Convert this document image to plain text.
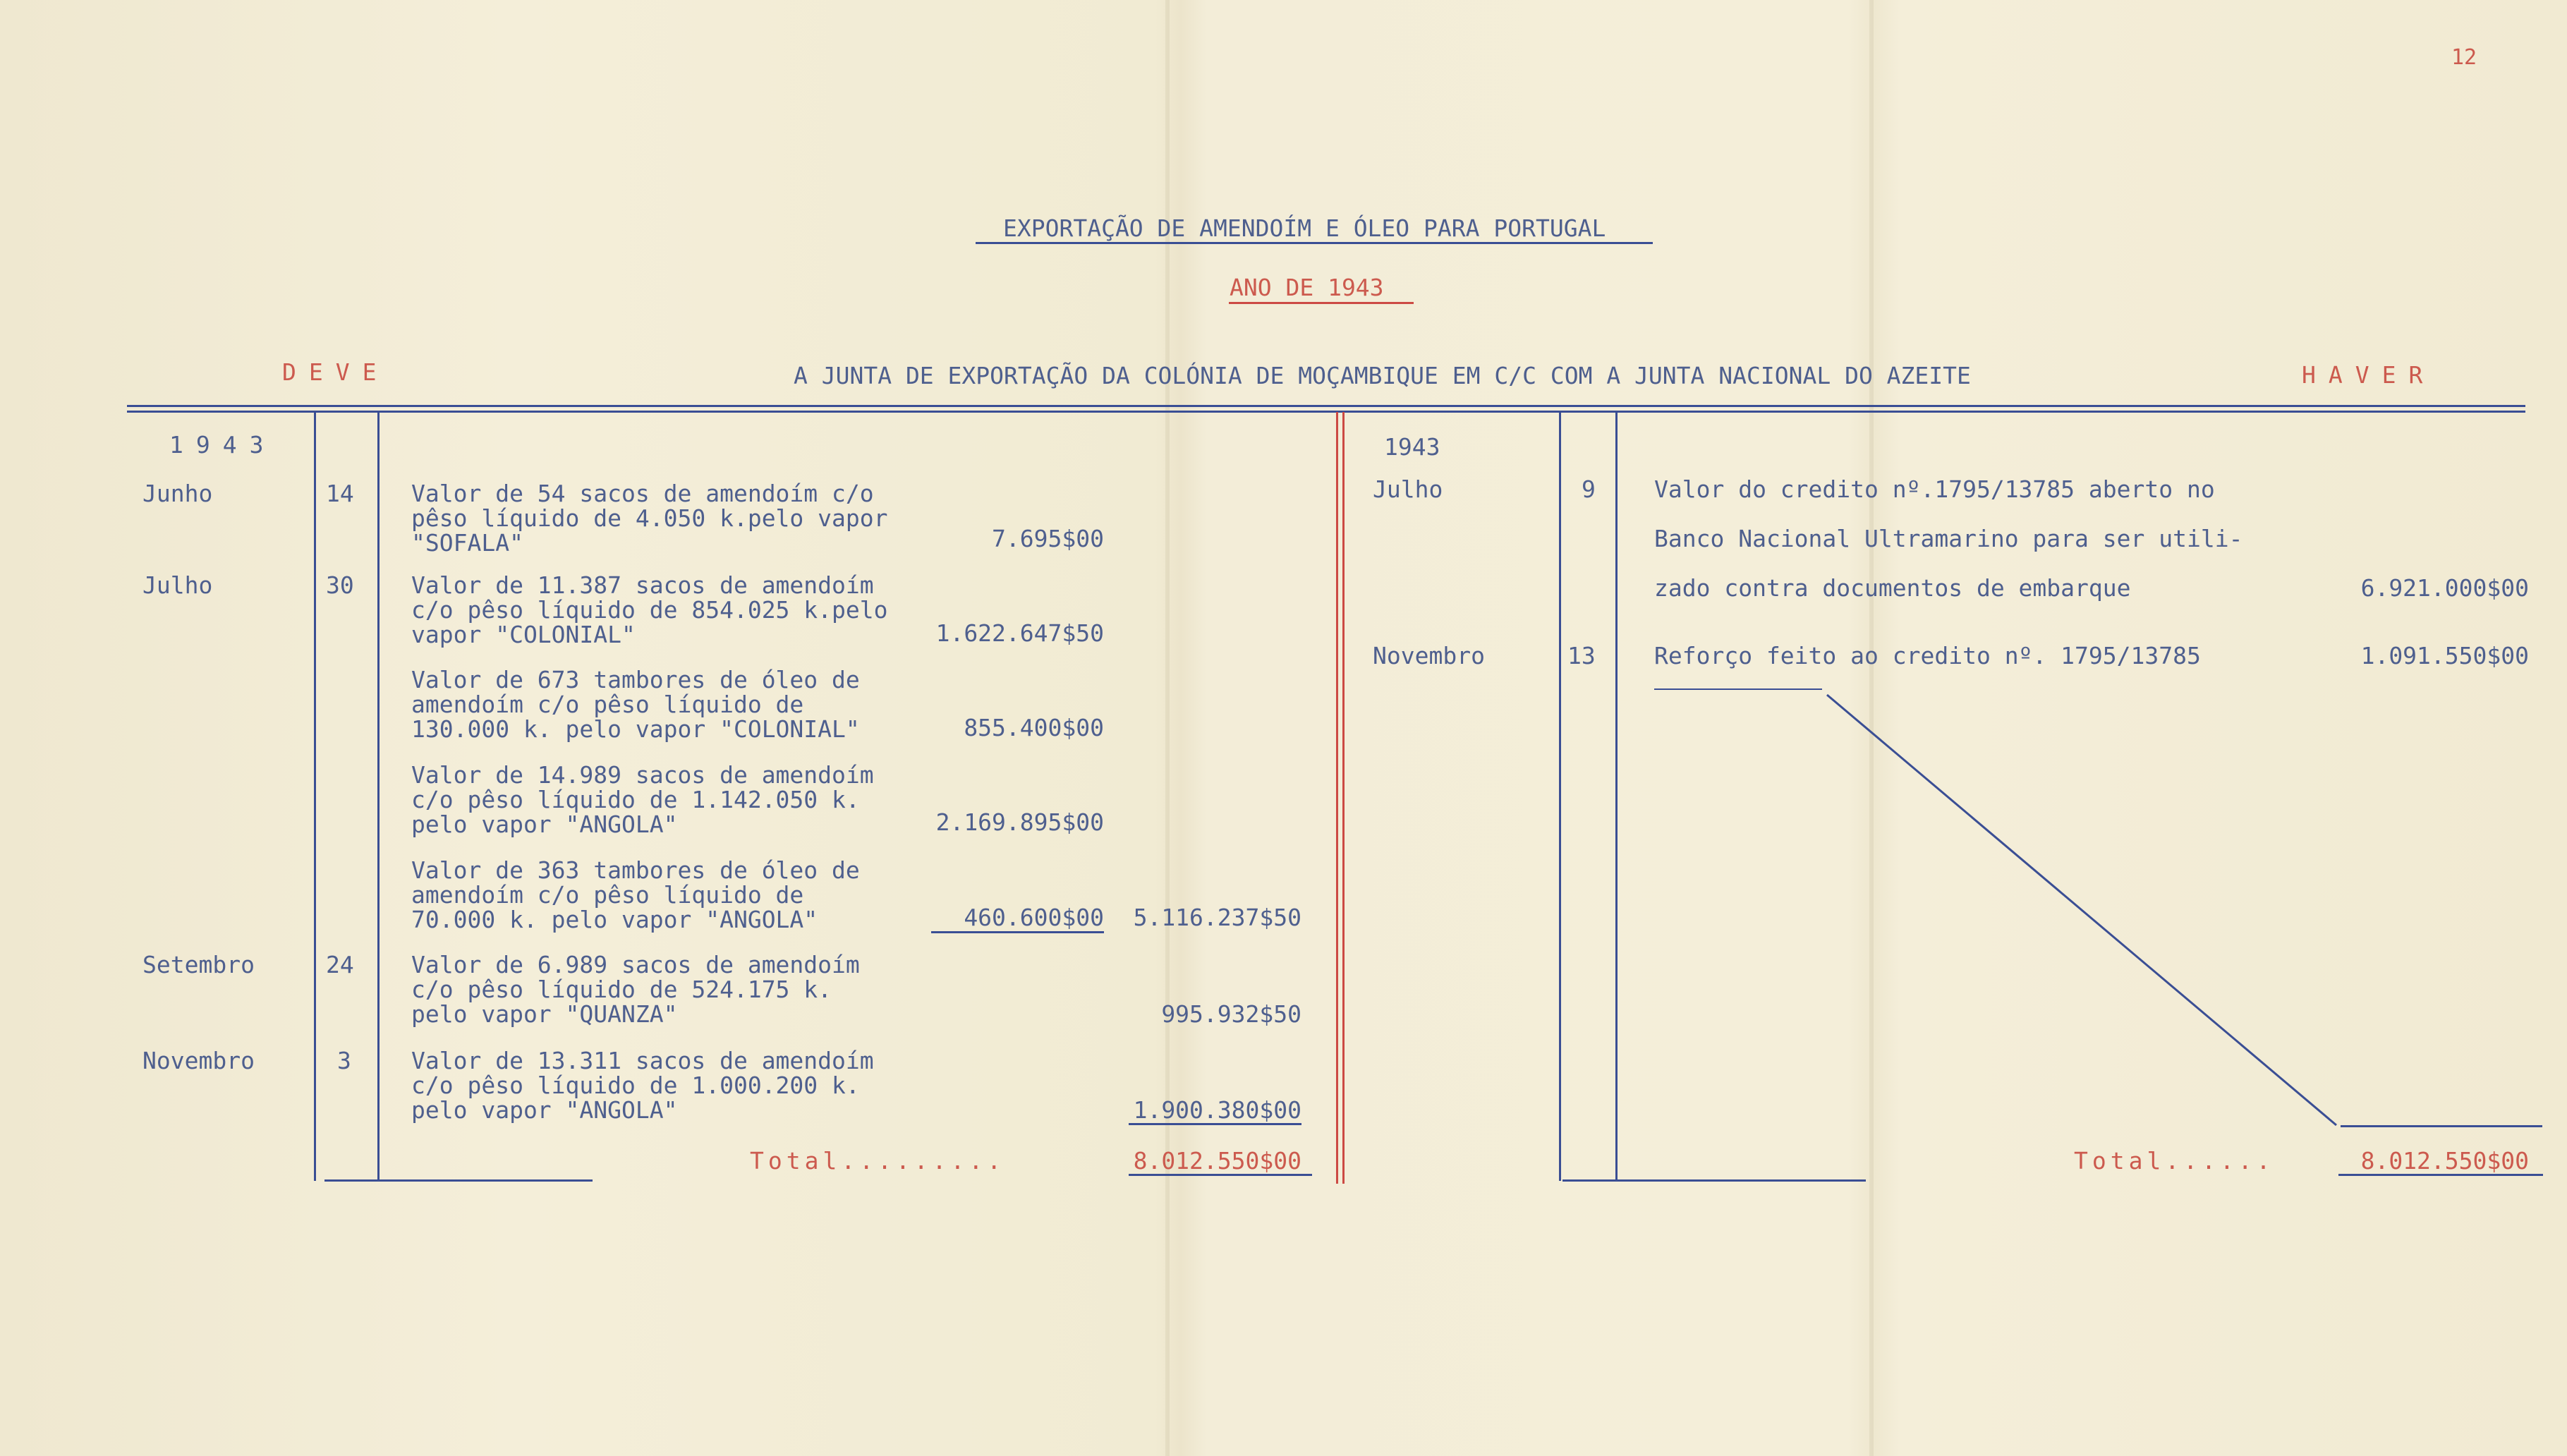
12
EXPORTAÇÃO DE AMENDOÍM E ÓLEO PARA PORTUGAL
ANO DE 1943
DEVE	A JUNTA DE EXPORTAÇÃO DA COLÓNIA DE MOÇAMBIQUE EM C/C COM A JUNTA NACIONAL DO AZEITE	HAVER
1943
Junho	14 Valor de 54 sacos de amendoím c/o
pêso líquido de 4.050 k.pelo vapor
"SOFALA"	7.695$00
Julho	30 Valor de 11.387 sacos de amendoím
c/o pêso líquido de 854.025 k.pelo
vapor "COLONIAL"	1.622.647$50
Valor de 673 tambores de óleo de
amendoím c/o pêso líquido de
130.000 k. pelo vapor "COLONIAL"	855.400$00
Valor de 14.989 sacos de amendoím
c/o pêso líquido de 1.142.050 k.
pelo vapor "ANGOLA"	2.169.895$00
Valor de 363 tambores de óleo de
amendoím c/o pêso líquido de
70.000 k. pelo vapor "ANGOLA"	460.600$00	5.116.237$50
Setembro	24 Valor de 6.989 sacos de amendoím
c/o pêso líquido de 524.175 k.
pelo vapor "QUANZA"	995.932$50
Novembro	3	Valor de 13.311 sacos de amendoím
c/o pêso líquido de 1.000.200 k.
pelo vapor "ANGOLA"	1.900.380$00
Total.........	8.012.550$00
1943
Julho	9	Valor do credito nº.1795/13785 aberto no
Banco Nacional Ultramarino para ser utili-
zado contra documentos de embarque	6.921.000$00
Novembro	13	Reforço feito ao credito nº. 1795/13785	1.091.550$00
Total......	8.012.550$00
